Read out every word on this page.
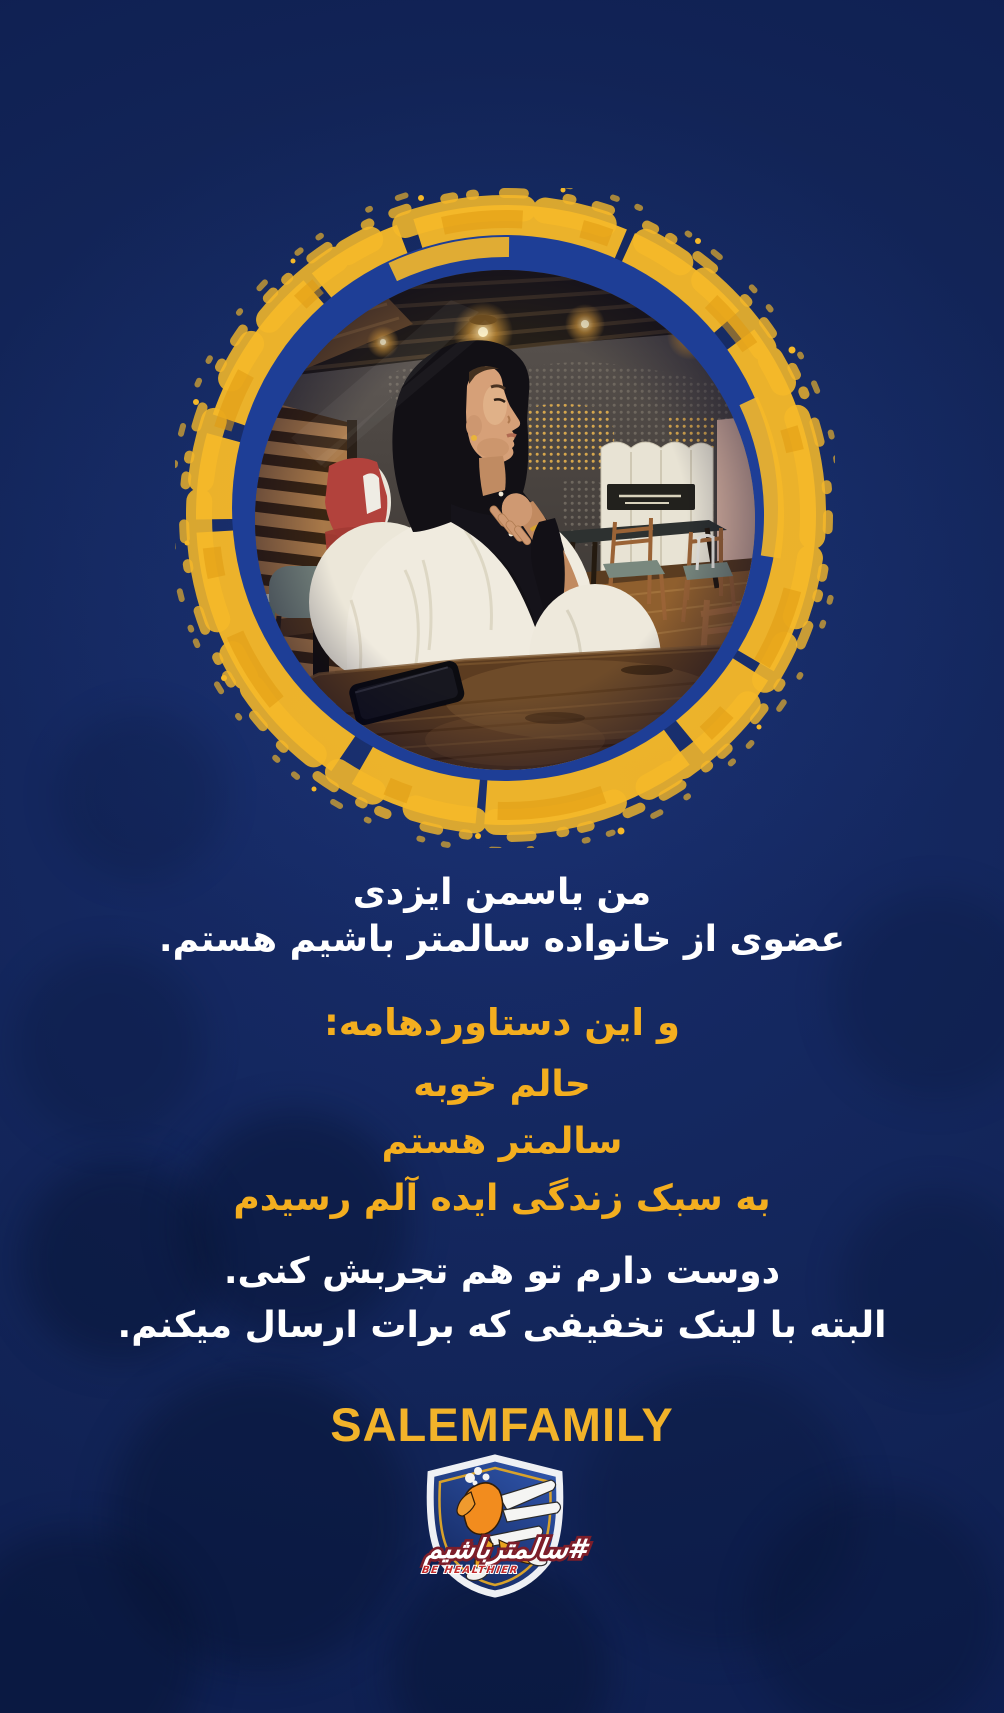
من یاسمن ایزدی
عضوی از خانواده سالمتر باشیم هستم.
و این دستاوردهامه:
حالم خوبه
سالمتر هستم
به سبک زندگی ایده آلم رسیدم
دوست دارم تو هم تجربش کنی.
البته با لینک تخفیفی که برات ارسال میکنم.
SALEMFAMILY
#سالمترباشیم
BE HEALTHIER
